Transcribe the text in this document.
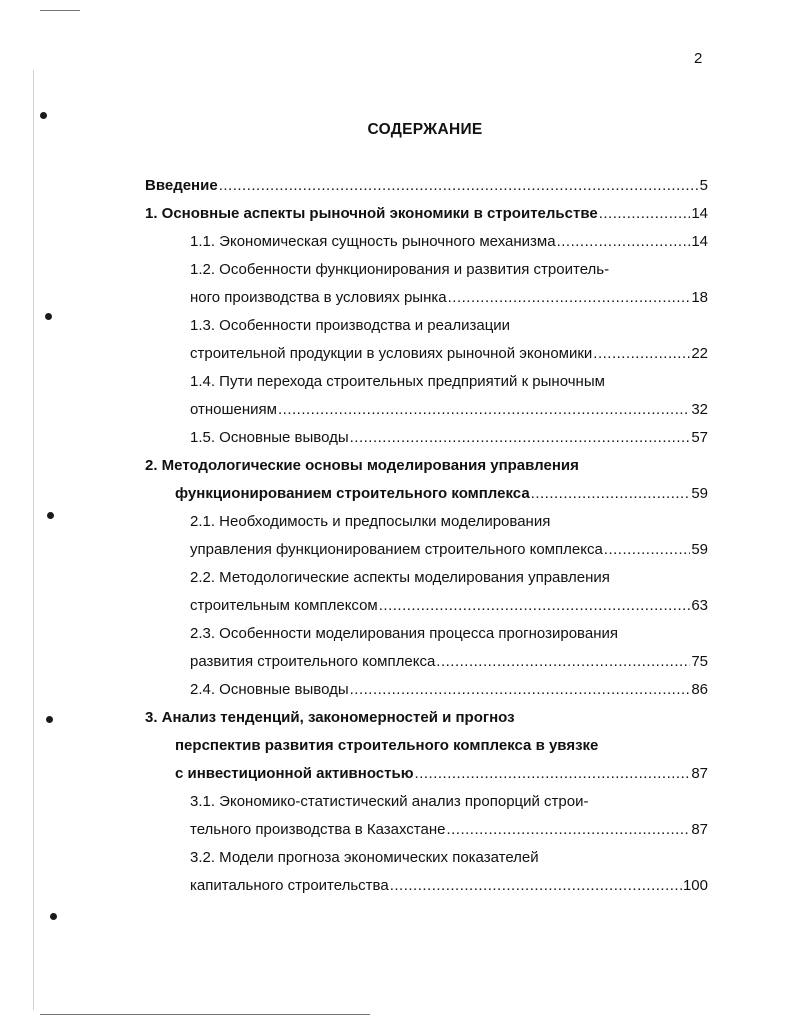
2
СОДЕРЖАНИЕ
Введение .....	5
1. Основные аспекты рыночной экономики в строительстве .....	14
1.1. Экономическая сущность рыночного механизма .....	14
1.2. Особенности функционирования и развития строитель-
ного производства в условиях рынка .....	18
1.3. Особенности производства и реализации
строительной продукции в условиях рыночной экономики .....	22
1.4. Пути перехода строительных предприятий к рыночным
отношениям .....	32
1.5. Основные выводы .....	57
2. Методологические основы моделирования управления
функционированием строительного комплекса .....	59
2.1. Необходимость и предпосылки моделирования
управления функционированием строительного комплекса .....	59
2.2. Методологические аспекты моделирования управления
строительным комплексом .....	63
2.3. Особенности моделирования процесса прогнозирования
развития строительного комплекса .....	75
2.4. Основные выводы .....	86
3. Анализ тенденций, закономерностей и прогноз
перспектив развития строительного комплекса в увязке
с инвестиционной активностью .....	87
3.1. Экономико-статистический анализ пропорций строи-
тельного производства в Казахстане .....	87
3.2. Модели прогноза экономических показателей
капитального строительства .....	100
